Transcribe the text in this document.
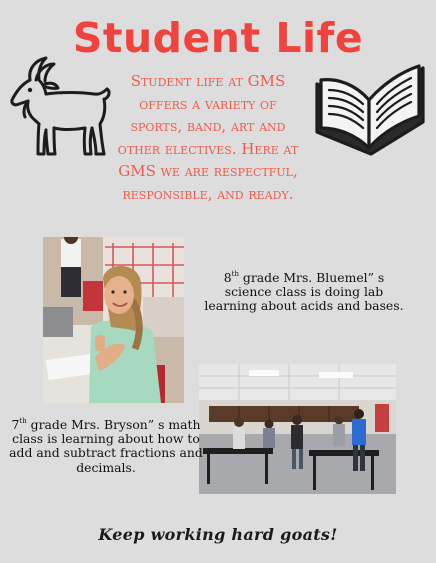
Student Life
Student life at GMS offers a variety of sports, band, art and other electives. Here at GMS we are respectful, responsible, and ready.
8th grade Mrs. Bluemel” s science class is doing lab learning about acids and bases.
7th grade Mrs. Bryson” s math class is learning about how to add and subtract fractions and decimals.
Keep working hard goats!
